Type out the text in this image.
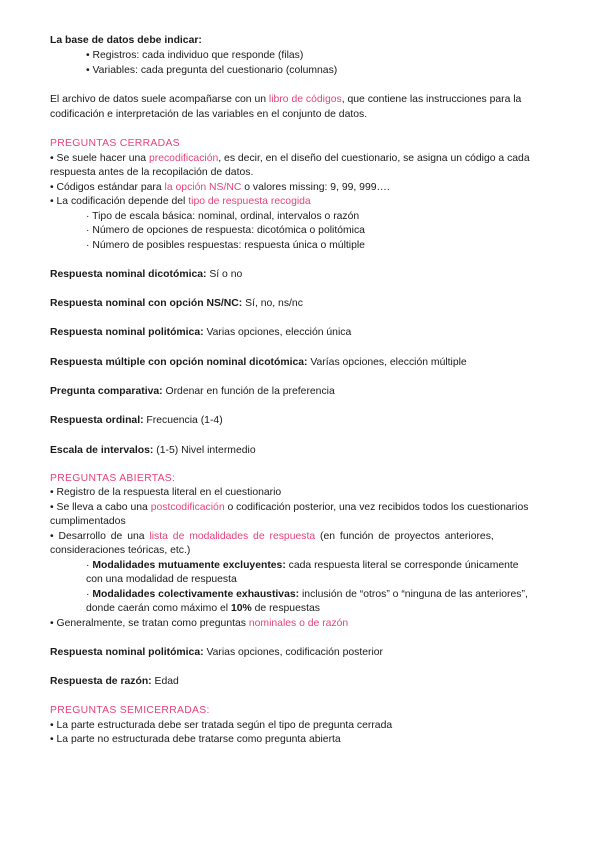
La base de datos debe indicar:
• Registros: cada individuo que responde (filas)
• Variables: cada pregunta del cuestionario (columnas)
El archivo de datos suele acompañarse con un libro de códigos, que contiene las instrucciones para la
codificación e interpretación de las variables en el conjunto de datos.
PREGUNTAS CERRADAS
• Se suele hacer una precodificación, es decir, en el diseño del cuestionario, se asigna un código a cada
respuesta antes de la recopilación de datos.
• Códigos estándar para la opción NS/NC o valores missing: 9, 99, 999….
• La codificación depende del tipo de respuesta recogida
· Tipo de escala básica: nominal, ordinal, intervalos o razón
· Número de opciones de respuesta: dicotómica o politómica
· Número de posibles respuestas: respuesta única o múltiple
Respuesta nominal dicotómica: Sí o no
Respuesta nominal con opción NS/NC: Sí, no, ns/nc
Respuesta nominal politómica: Varias opciones, elección única
Respuesta múltiple con opción nominal dicotómica: Varías opciones, elección múltiple
Pregunta comparativa: Ordenar en función de la preferencia
Respuesta ordinal: Frecuencia (1-4)
Escala de intervalos: (1-5) Nivel intermedio
PREGUNTAS ABIERTAS:
• Registro de la respuesta literal en el cuestionario
• Se lleva a cabo una postcodificación o codificación posterior, una vez recibidos todos los cuestionarios
cumplimentados
• Desarrollo de una lista de modalidades de respuesta (en función de proyectos anteriores,
consideraciones teóricas, etc.)
· Modalidades mutuamente excluyentes: cada respuesta literal se corresponde únicamente
con una modalidad de respuesta
· Modalidades colectivamente exhaustivas: inclusión de “otros” o “ninguna de las anteriores”,
donde caerán como máximo el 10% de respuestas
• Generalmente, se tratan como preguntas nominales o de razón
Respuesta nominal politómica: Varias opciones, codificación posterior
Respuesta de razón: Edad
PREGUNTAS SEMICERRADAS:
• La parte estructurada debe ser tratada según el tipo de pregunta cerrada
• La parte no estructurada debe tratarse como pregunta abierta
